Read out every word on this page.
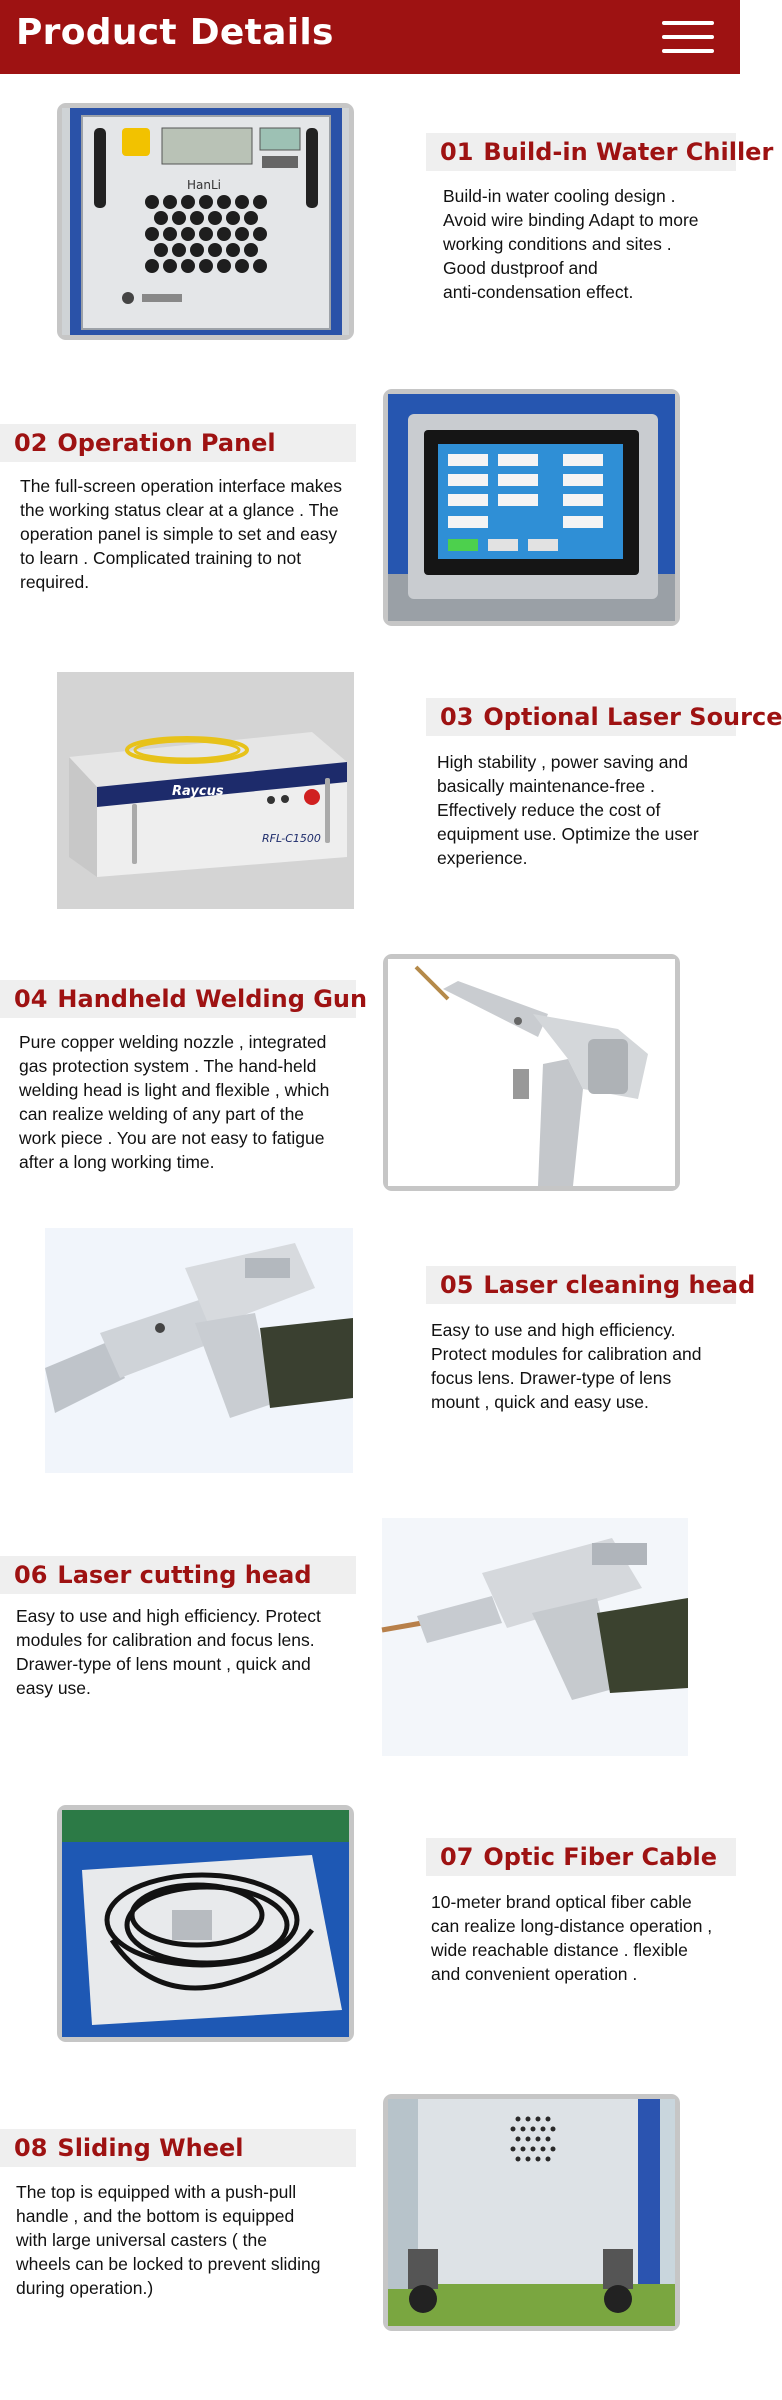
Product Details
HanLi
01 Build-in Water Chiller

Build-in water cooling design .
Avoid wire binding Adapt to more
working conditions and sites .
Good dustproof and
anti-condensation effect.

02 Operation Panel

The full-screen operation interface makes
the working status clear at a glance . The
operation panel is simple to set and easy
to learn . Complicated training to not
required.

Raycus
RFL-C1500
03 Optional Laser Source

High stability , power saving and
basically maintenance-free .
Effectively reduce the cost of
equipment use. Optimize the user
experience.

04 Handheld Welding Gun

Pure copper welding nozzle , integrated
gas protection system . The hand-held
welding head is light and flexible , which
can realize welding of any part of the
work piece . You are not easy to fatigue
after a long working time.

05 Laser cleaning head

Easy to use and high efficiency.
Protect modules for calibration and
focus lens. Drawer-type of lens
mount , quick and easy use.

06 Laser cutting head

Easy to use and high efficiency. Protect
modules for calibration and focus lens.
Drawer-type of lens mount , quick and
easy use.

07 Optic Fiber Cable

10-meter brand optical fiber cable
can realize long-distance operation ,
wide reachable distance . flexible
and convenient operation .

08 Sliding Wheel

The top is equipped with a push-pull
handle , and the bottom is equipped
with large universal casters ( the
wheels can be locked to prevent sliding
during operation.)
